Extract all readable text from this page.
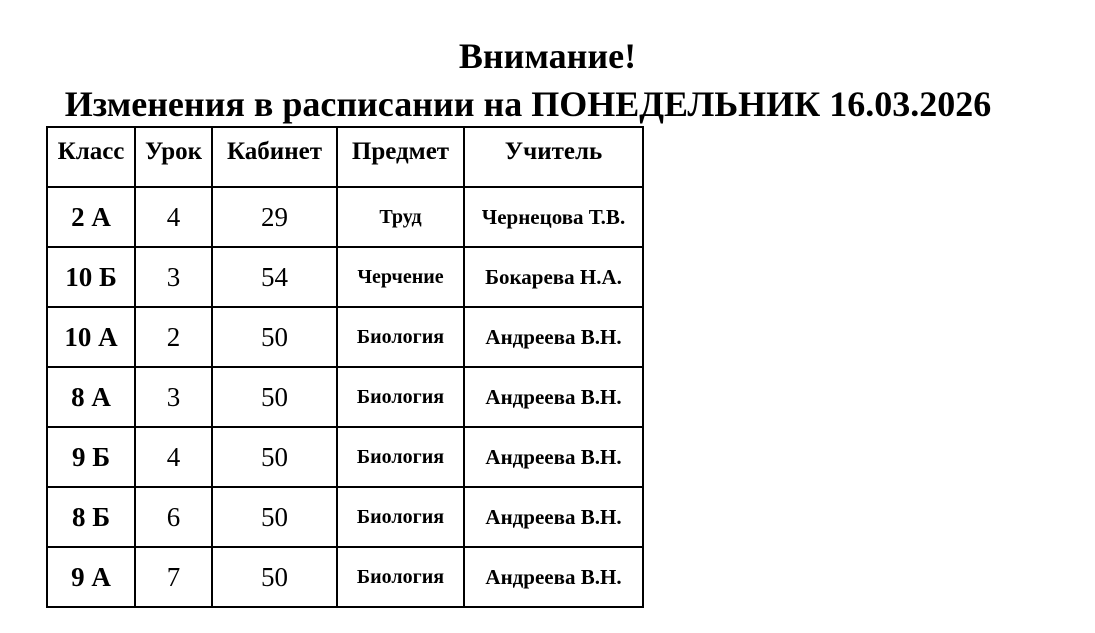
Внимание!
Изменения в расписании на ПОНЕДЕЛЬНИК 16.03.2026
Класс	Урок	Кабинет	Предмет	Учитель
2 А	4	29	Труд	Чернецова Т.В.
10 Б	3	54	Черчение	Бокарева Н.А.
10 А	2	50	Биология	Андреева В.Н.
8 А	3	50	Биология	Андреева В.Н.
9 Б	4	50	Биология	Андреева В.Н.
8 Б	6	50	Биология	Андреева В.Н.
9 А	7	50	Биология	Андреева В.Н.
